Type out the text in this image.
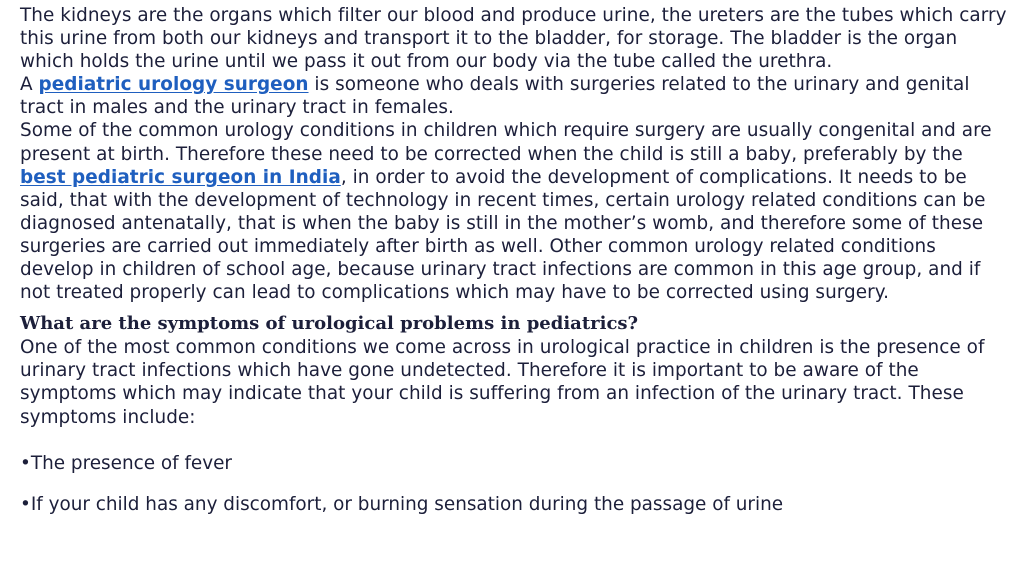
The kidneys are the organs which filter our blood and produce urine, the ureters are the tubes which carry this urine from both our kidneys and transport it to the bladder, for storage. The bladder is the organ which holds the urine until we pass it out from our body via the tube called the urethra.

A pediatric urology surgeon is someone who deals with surgeries related to the urinary and genital tract in males and the urinary tract in females.

Some of the common urology conditions in children which require surgery are usually congenital and are present at birth. Therefore these need to be corrected when the child is still a baby, preferably by the best pediatric surgeon in India, in order to avoid the development of complications. It needs to be said, that with the development of technology in recent times, certain urology related conditions can be diagnosed antenatally, that is when the baby is still in the mother’s womb, and therefore some of these surgeries are carried out immediately after birth as well. Other common urology related conditions develop in children of school age, because urinary tract infections are common in this age group, and if not treated properly can lead to complications which may have to be corrected using surgery.

What are the symptoms of urological problems in pediatrics?

One of the most common conditions we come across in urological practice in children is the presence of urinary tract infections which have gone undetected. Therefore it is important to be aware of the symptoms which may indicate that your child is suffering from an infection of the urinary tract. These symptoms include:

•The presence of fever

•If your child has any discomfort, or burning sensation during the passage of urine
